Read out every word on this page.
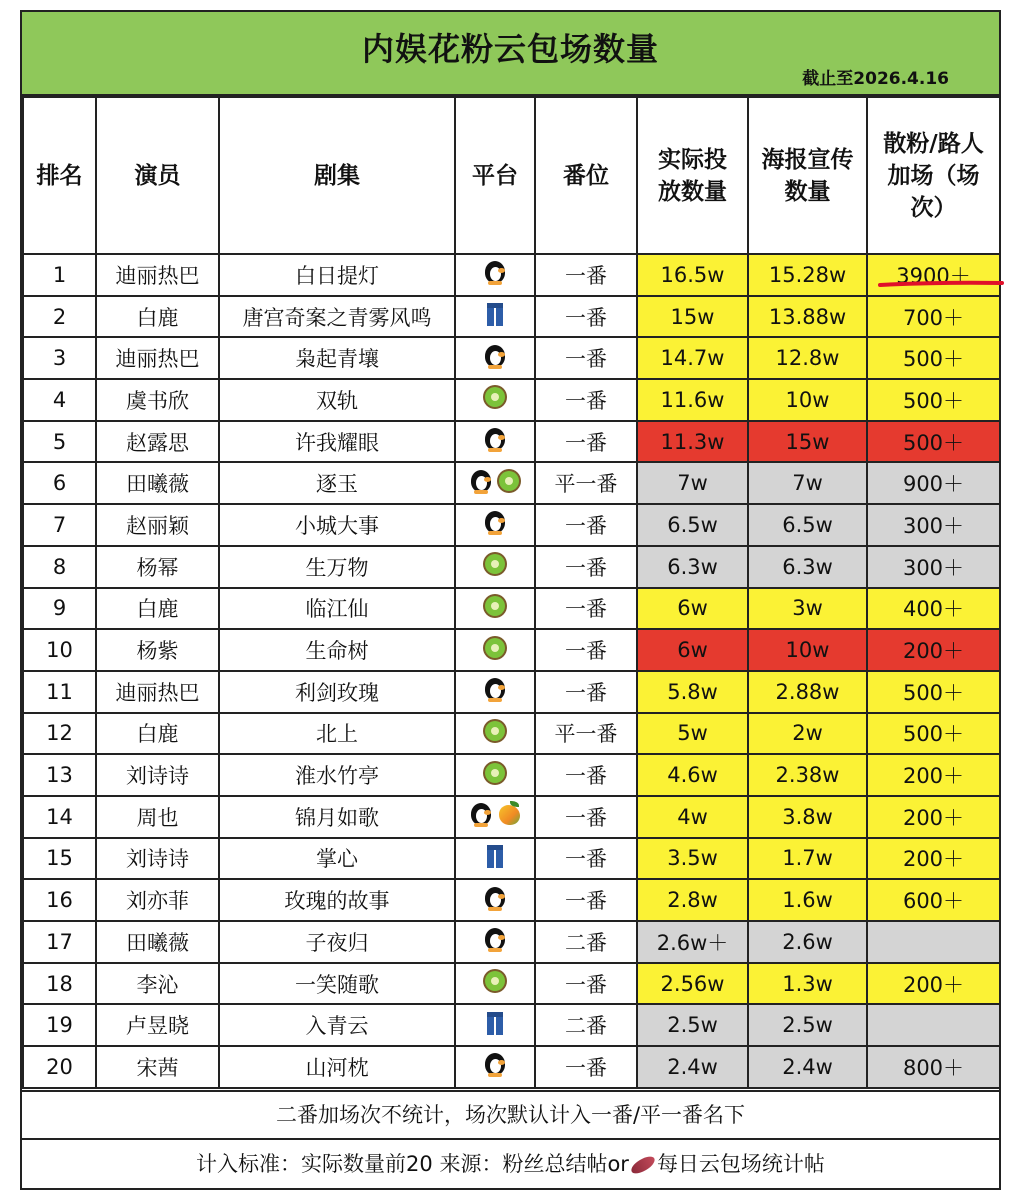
内娱花粉云包场数量
截止至2026.4.16
排名	演员	剧集	平台	番位	实际投放数量	海报宣传数量	散粉/路人加场（场次）
1	迪丽热巴	白日提灯		一番	16.5w	15.28w	3900＋
2	白鹿	唐宫奇案之青雾风鸣		一番	15w	13.88w	700＋
3	迪丽热巴	枭起青壤		一番	14.7w	12.8w	500＋
4	虞书欣	双轨		一番	11.6w	10w	500＋
5	赵露思	许我耀眼		一番	11.3w	15w	500＋
6	田曦薇	逐玉		平一番	7w	7w	900＋
7	赵丽颖	小城大事		一番	6.5w	6.5w	300＋
8	杨幂	生万物		一番	6.3w	6.3w	300＋
9	白鹿	临江仙		一番	6w	3w	400＋
10	杨紫	生命树		一番	6w	10w	200＋
11	迪丽热巴	利剑玫瑰		一番	5.8w	2.88w	500＋
12	白鹿	北上		平一番	5w	2w	500＋
13	刘诗诗	淮水竹亭		一番	4.6w	2.38w	200＋
14	周也	锦月如歌		一番	4w	3.8w	200＋
15	刘诗诗	掌心		一番	3.5w	1.7w	200＋
16	刘亦菲	玫瑰的故事		一番	2.8w	1.6w	600＋
17	田曦薇	子夜归		二番	2.6w＋	2.6w	
18	李沁	一笑随歌		一番	2.56w	1.3w	200＋
19	卢昱晓	入青云		二番	2.5w	2.5w	
20	宋茜	山河枕		一番	2.4w	2.4w	800＋
二番加场次不统计，场次默认计入一番/平一番名下
计入标准：实际数量前20 来源：粉丝总结帖or 每日云包场统计帖
